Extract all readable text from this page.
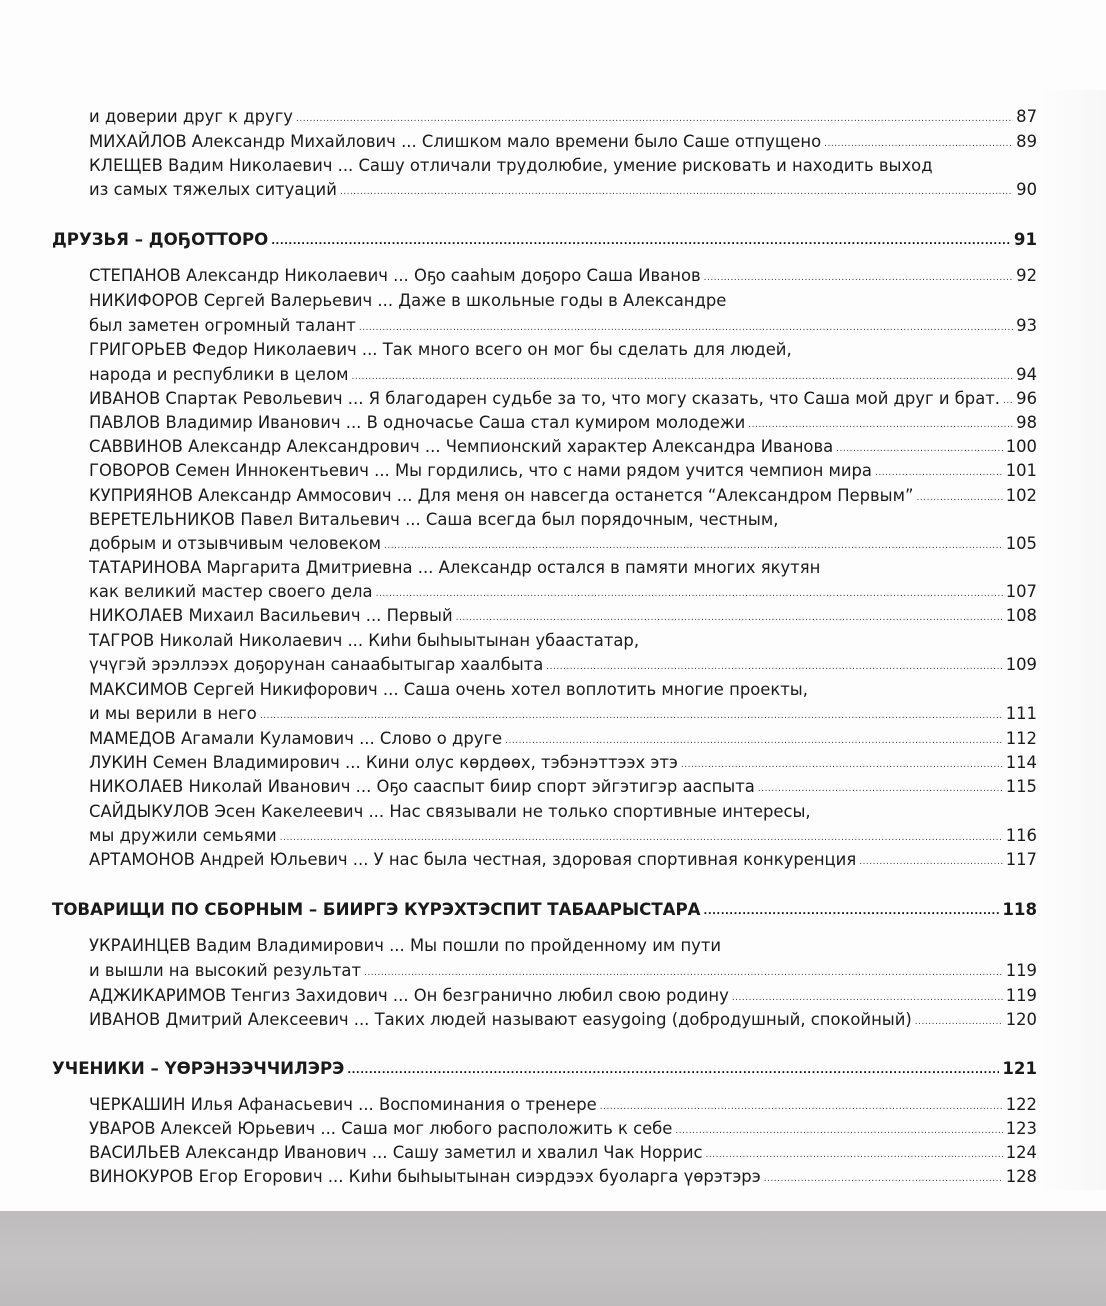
и доверии друг к другу .....	87
МИХАЙЛОВ Александр Михайлович ... Слишком мало времени было Саше отпущено .....	89
КЛЕЩЕВ Вадим Николаевич ... Сашу отличали трудолюбие, умение рисковать и находить выход
из самых тяжелых ситуаций .....	90
ДРУЗЬЯ – ДОҔОТТОРО .....	91
СТЕПАНОВ Александр Николаевич ... Оҕо сааһым доҕоро Саша Иванов .....	92
НИКИФОРОВ Сергей Валерьевич ... Даже в школьные годы в Александре
был заметен огромный талант .....	93
ГРИГОРЬЕВ Федор Николаевич ... Так много всего он мог бы сделать для людей,
народа и республики в целом .....	94
ИВАНОВ Спартак Револьевич ... Я благодарен судьбе за то, что могу сказать, что Саша мой друг и брат. ..... 96
ПАВЛОВ Владимир Иванович ... В одночасье Саша стал кумиром молодежи .....	98
САВВИНОВ Александр Александрович ... Чемпионский характер Александра Иванова .....	100
ГОВОРОВ Семен Иннокентьевич ... Мы гордились, что с нами рядом учится чемпион мира .....	101
КУПРИЯНОВ Александр Аммосович ... Для меня он навсегда останется “Александром Первым” .....	102
ВЕРЕТЕЛЬНИКОВ Павел Витальевич ... Саша всегда был порядочным, честным,
добрым и отзывчивым человеком .....	105
ТАТАРИНОВА Маргарита Дмитриевна ... Александр остался в памяти многих якутян
как великий мастер своего дела .....	107
НИКОЛАЕВ Михаил Васильевич ... Первый .....	108
ТАГРОВ Николай Николаевич ... Киһи быһыытынан убаастатар,
үчүгэй эрэллээх доҕорунан санаабытыгар хаалбыта .....	109
МАКСИМОВ Сергей Никифорович ... Саша очень хотел воплотить многие проекты,
и мы верили в него .....	111
МАМЕДОВ Агамали Куламович ... Слово о друге .....	112
ЛУКИН Семен Владимирович ... Кини олус көрдөөх, тэбэнэттээх этэ .....	114
НИКОЛАЕВ Николай Иванович ... Оҕо сааспыт биир спорт эйгэтигэр ааспыта .....	115
САЙДЫКУЛОВ Эсен Какелеевич ... Нас связывали не только спортивные интересы,
мы дружили семьями .....	116
АРТАМОНОВ Андрей Юльевич ... У нас была честная, здоровая спортивная конкуренция .....	117
ТОВАРИЩИ ПО СБОРНЫМ – БИИРГЭ КҮРЭХТЭСПИТ ТАБААРЫСТАРА .....	118
УКРАИНЦЕВ Вадим Владимирович ... Мы пошли по пройденному им пути
и вышли на высокий результат .....	119
АДЖИКАРИМОВ Тенгиз Захидович ... Он безгранично любил свою родину .....	119
ИВАНОВ Дмитрий Алексеевич ... Таких людей называют easygoing (добродушный, спокойный) .....	120
УЧЕНИКИ – ҮӨРЭНЭЭЧЧИЛЭРЭ .....	121
ЧЕРКАШИН Илья Афанасьевич ... Воспоминания о тренере .....	122
УВАРОВ Алексей Юрьевич ... Саша мог любого расположить к себе .....	123
ВАСИЛЬЕВ Александр Иванович ... Сашу заметил и хвалил Чак Норрис .....	124
ВИНОКУРОВ Егор Егорович ... Киһи быһыытынан сиэрдээх буоларга үөрэтэрэ .....	128
